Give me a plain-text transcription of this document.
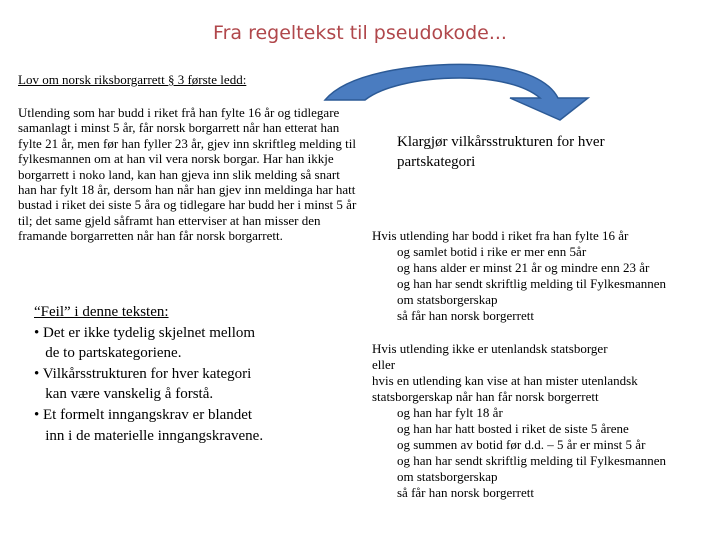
Fra regeltekst til pseudokode...
Lov om norsk riksborgarrett § 3 første ledd:
Utlending som har budd i riket frå han fylte 16 år og tidlegare samanlagt i minst 5 år, får norsk borgarrett når han etterat han fylte 21 år, men før han fyller 23 år, gjev inn skriftleg melding til fylkesmannen om at han vil vera norsk borgar. Har han ikkje borgarrett i noko land, kan han gjeva inn slik melding så snart han har fylt 18 år, dersom han når han gjev inn meldinga har hatt bustad i riket dei siste 5 åra og tidlegare har budd her i minst 5 år til; det same gjeld såframt han etterviser at han misser den framande borgarretten når han får norsk borgarrett.
“Feil” i denne teksten:
• Det er ikke tydelig skjelnet mellom
de to partskategoriene.
• Vilkårsstrukturen for hver kategori
kan være vanskelig å forstå.
• Et formelt inngangskrav er blandet
inn i de materielle inngangskravene.
Klargjør vilkårsstrukturen for hver partskategori
Hvis utlending har bodd i riket fra han fylte 16 år
og samlet botid i rike er mer enn 5år
og hans alder er minst 21 år og mindre enn 23 år
og han har sendt skriftlig melding til Fylkesmannen
om statsborgerskap
så får han norsk borgerrett
Hvis utlending ikke er utenlandsk statsborger
eller
hvis en utlending kan vise at han mister utenlandsk
statsborgerskap når han får norsk borgerrett
og han har fylt 18 år
og han har hatt bosted i riket de siste 5 årene
og summen av botid før d.d. – 5 år er minst 5 år
og han har sendt skriftlig melding til Fylkesmannen
om statsborgerskap
så får han norsk borgerrett
